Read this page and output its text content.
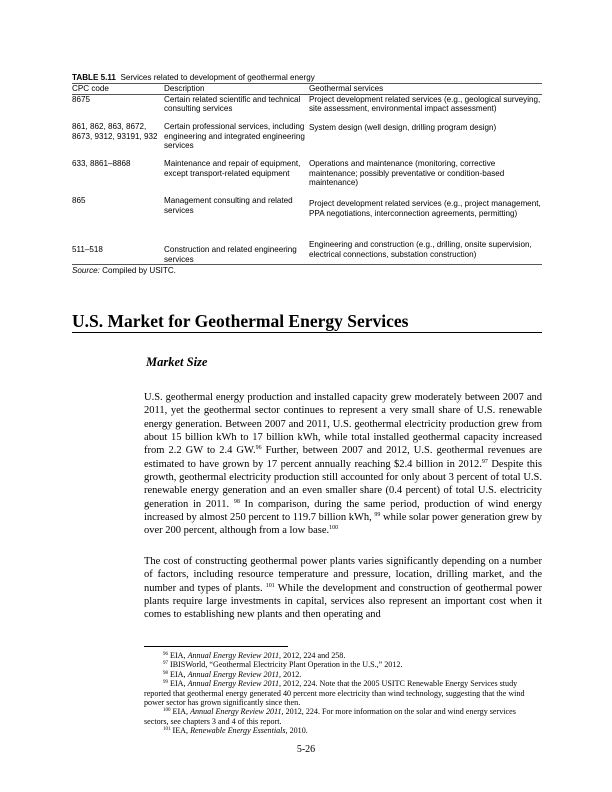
TABLE 5.11 Services related to development of geothermal energy
CPC code	Description	Geothermal services
8675	Certain related scientific and technical consulting services	Project development related services (e.g., geological surveying, site assessment, environmental impact assessment)
861, 862, 863, 8672, 8673, 9312, 93191, 932	Certain professional services, including engineering and integrated engineering services	System design (well design, drilling program design)
633, 8861–8868	Maintenance and repair of equipment, except transport-related equipment	Operations and maintenance (monitoring, corrective maintenance; possibly preventative or condition-based maintenance)
865	Management consulting and related services	Project development related services (e.g., project management, PPA negotiations, interconnection agreements, permitting)
511–518	Construction and related engineering services	Engineering and construction (e.g., drilling, onsite supervision, electrical connections, substation construction)
Source: Compiled by USITC.
U.S. Market for Geothermal Energy Services
Market Size
U.S. geothermal energy production and installed capacity grew moderately between 2007 and 2011, yet the geothermal sector continues to represent a very small share of U.S. renewable energy generation. Between 2007 and 2011, U.S. geothermal electricity production grew from about 15 billion kWh to 17 billion kWh, while total installed geothermal capacity increased from 2.2 GW to 2.4 GW.$^{96}$ Further, between 2007 and 2012, U.S. geothermal revenues are estimated to have grown by 17 percent annually reaching $2.4 billion in 2012.97 Despite this growth, geothermal electricity production still accounted for only about 3 percent of total U.S. renewable energy generation and an even smaller share (0.4 percent) of total U.S. electricity generation in 2011. $^{98}$ In comparison, during the same period, production of wind energy increased by almost 250 percent to 119.7 billion kWh, $^{99}$ while solar power generation grew by over 200 percent, although from a low base.$^{100}$
The cost of constructing geothermal power plants varies significantly depending on a number of factors, including resource temperature and pressure, location, drilling market, and the number and types of plants. $^{101}$ While the development and construction of geothermal power plants require large investments in capital, services also represent an important cost when it comes to establishing new plants and then operating and
$^{96}$ EIA, Annual Energy Review 2011, 2012, 224 and 258.
$^{97}$ IBISWorld, “Geothermal Electricity Plant Operation in the U.S.,” 2012.
$^{98}$ EIA, Annual Energy Review 2011, 2012.
$^{99}$ EIA, Annual Energy Review 2011, 2012, 224. Note that the 2005 USITC Renewable Energy Services study reported that geothermal energy generated 40 percent more electricity than wind technology, suggesting that the wind power sector has grown significantly since then.
$^{100}$ EIA, Annual Energy Review 2011, 2012, 224. For more information on the solar and wind energy services sectors, see chapters 3 and 4 of this report.
$^{101}$ IEA, Renewable Energy Essentials, 2010.
5-26
